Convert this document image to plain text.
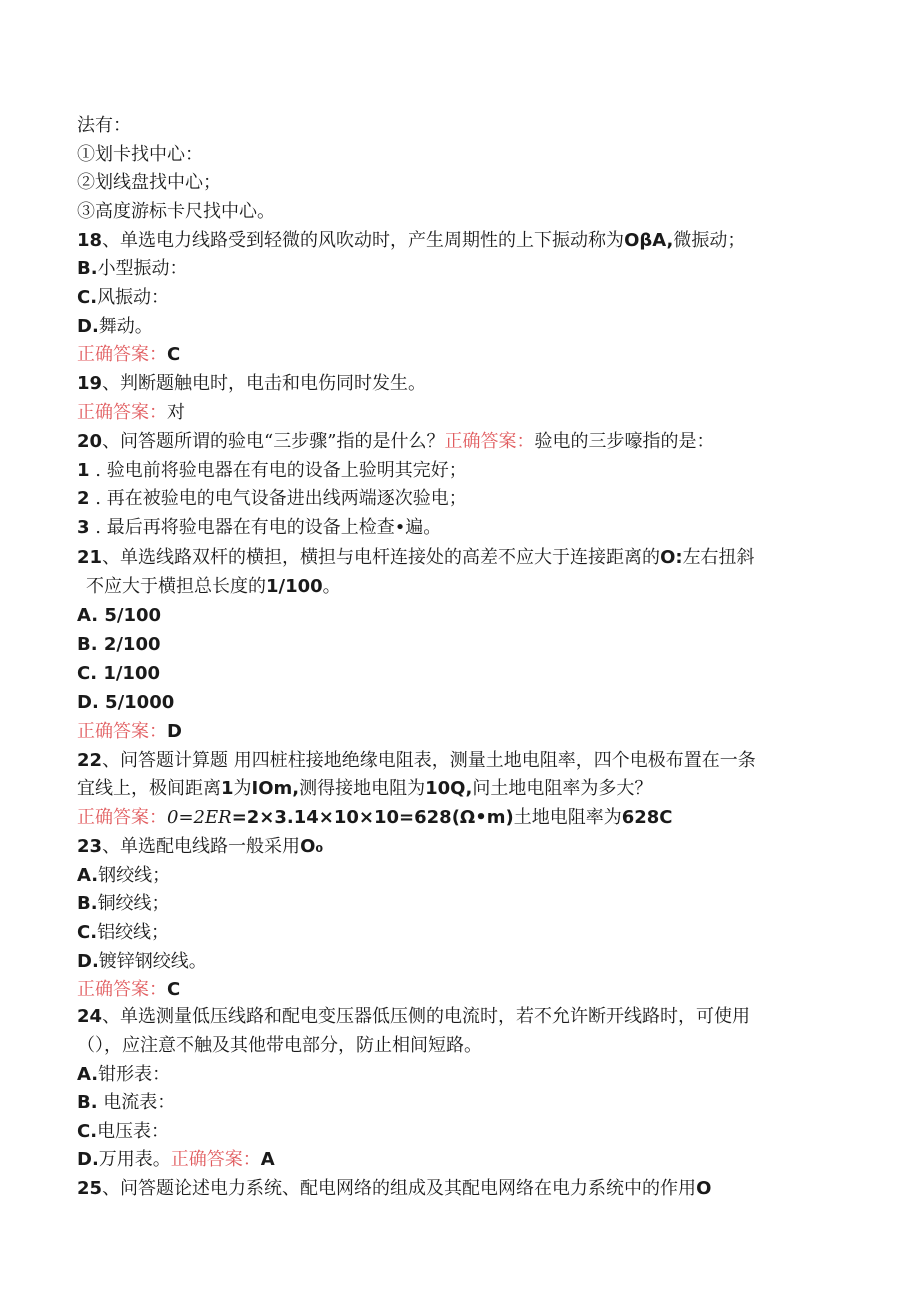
法有：
①划卡找中心：
②划线盘找中心；
③高度游标卡尺找中心。
18、单选电力线路受到轻微的风吹动时，产生周期性的上下振动称为OβA,微振动；
B.小型振动：
C.风振动：
D.舞动。
正确答案：C
19、判断题触电时，电击和电伤同时发生。
正确答案：对
20、问答题所谓的验电“三步骤”指的是什么？正确答案：验电的三步嚎指的是：
1 . 验电前将验电器在有电的设备上验明其完好；
2 . 再在被验电的电气设备进出线两端逐次验电；
3 . 最后再将验电器在有电的设备上检查•遍。
21、单选线路双杆的横担，横担与电杆连接处的高差不应大于连接距离的O:左右扭斜
不应大于横担总长度的1/100。
A. 5/100
B. 2/100
C. 1/100
D. 5/1000
正确答案：D
22、问答题计算题 用四桩柱接地绝缘电阻表，测量土地电阻率，四个电极布置在一条
宜线上，极间距离1为IOm,测得接地电阻为10Q,问土地电阻率为多大？
正确答案：0=2ER=2×3.14×10×10=628(Ω•m)土地电阻率为628C
23、单选配电线路一般采用O₀
A.钢绞线；
B.铜绞线；
C.铝绞线；
D.镀锌钢绞线。
正确答案：C
24、单选测量低压线路和配电变压器低压侧的电流时，若不允许断开线路时，可使用
（），应注意不触及其他带电部分，防止相间短路。
A.钳形表：
B. 电流表：
C.电压表：
D.万用表。正确答案：A
25、问答题论述电力系统、配电网络的组成及其配电网络在电力系统中的作用O
